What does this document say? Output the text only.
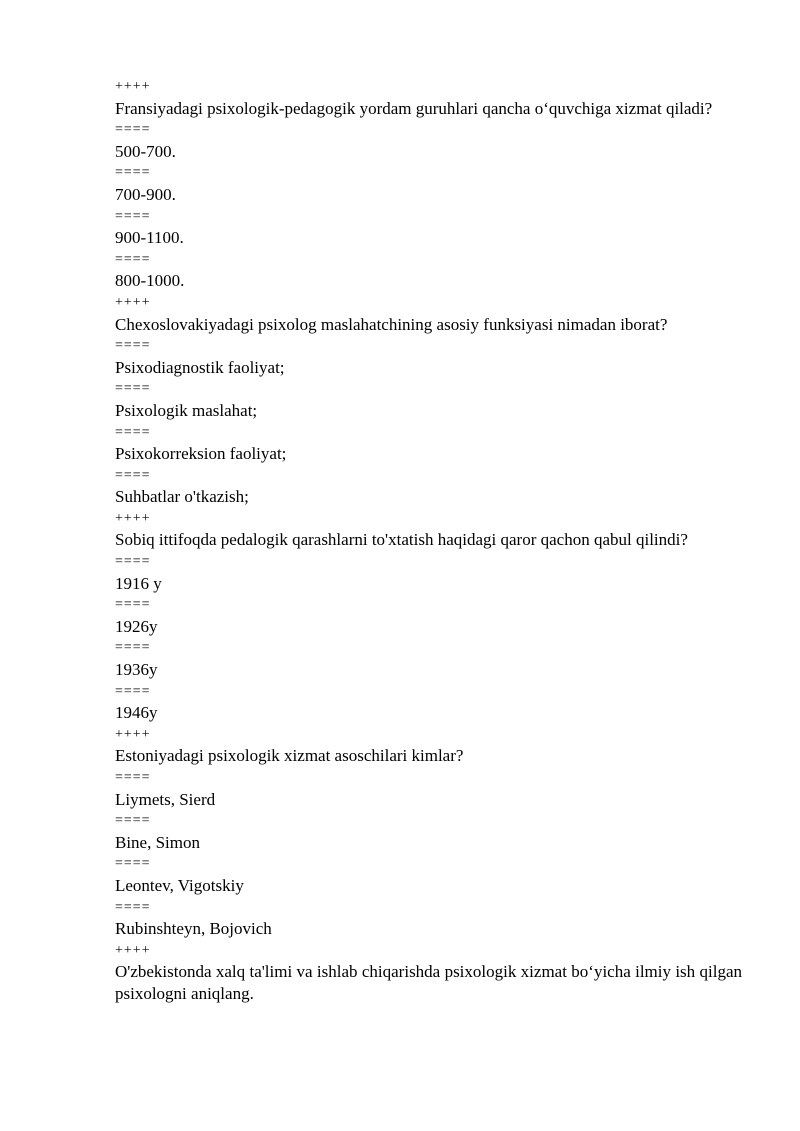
++++
Fransiyadagi psixologik-pedagogik yordam guruhlari qancha o‘quvchiga xizmat qiladi?
====
500-700.
====
700-900.
====
900-1100.
====
800-1000.
++++
Chexoslovakiyadagi psixolog maslahatchining asosiy funksiyasi nimadan iborat?
====
Psixodiagnostik faoliyat;
====
Psixologik maslahat;
====
Psixokorreksion faoliyat;
====
Suhbatlar o'tkazish;
++++
Sobiq ittifoqda pedalogik qarashlarni to'xtatish haqidagi qaror qachon qabul qilindi?
====
1916 y
====
1926y
====
1936y
====
1946y
++++
Estoniyadagi psixologik xizmat asoschilari kimlar?
====
Liymets, Sierd
====
Bine, Simon
====
Leontev, Vigotskiy
====
Rubinshteyn, Bojovich
++++
O'zbekistonda xalq ta'limi va ishlab chiqarishda psixologik xizmat bo‘yicha ilmiy ish qilgan psixologni aniqlang.
